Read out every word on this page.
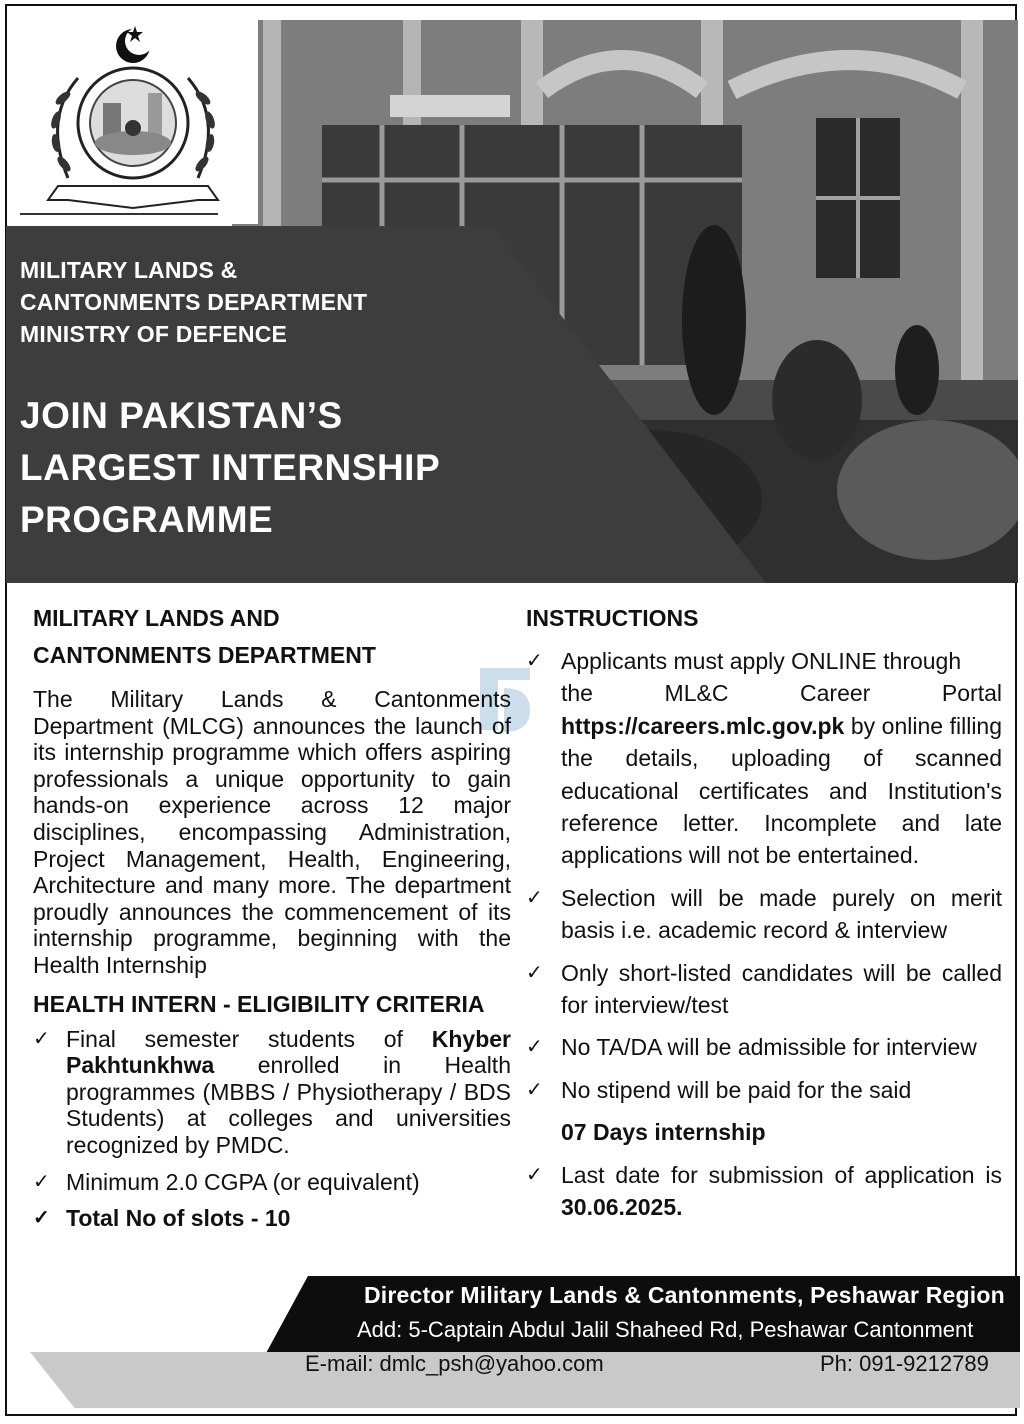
MILITARY LANDS &
CANTONMENTS DEPARTMENT
MINISTRY OF DEFENCE
JOIN PAKISTAN’S
LARGEST INTERNSHIP
PROGRAMME
MILITARY LANDS AND
CANTONMENTS DEPARTMENT

The Military Lands & Cantonments Department (MLCG) announces the launch of its internship programme which offers aspiring professionals a unique opportunity to gain hands-on experience across 12 major disciplines, encompassing Administration, Project Management, Health, Engineering, Architecture and many more. The department proudly announces the commencement of its internship programme, beginning with the Health Internship

HEALTH INTERN - ELIGIBILITY CRITERIA
✓ Final semester students of Khyber Pakhtunkhwa enrolled in Health programmes (MBBS / Physiotherapy / BDS Students) at colleges and universities recognized by PMDC.
✓ Minimum 2.0 CGPA (or equivalent)
✓ Total No of slots - 10
INSTRUCTIONS
✓ Applicants must apply ONLINE through
the ML&C Career Portal
https://careers.mlc.gov.pk by online filling the details, uploading of scanned educational certificates and Institution's reference letter. Incomplete and late applications will not be entertained.
✓ Selection will be made purely on merit basis i.e. academic record & interview
✓ Only short-listed candidates will be called for interview/test
✓ No TA/DA will be admissible for interview
✓ No stipend will be paid for the said
07 Days internship
✓ Last date for submission of application is 30.06.2025.
Director Military Lands & Cantonments, Peshawar Region
Add: 5-Captain Abdul Jalil Shaheed Rd, Peshawar Cantonment
E-mail: dmlc_psh@yahoo.com	Ph: 091-9212789
